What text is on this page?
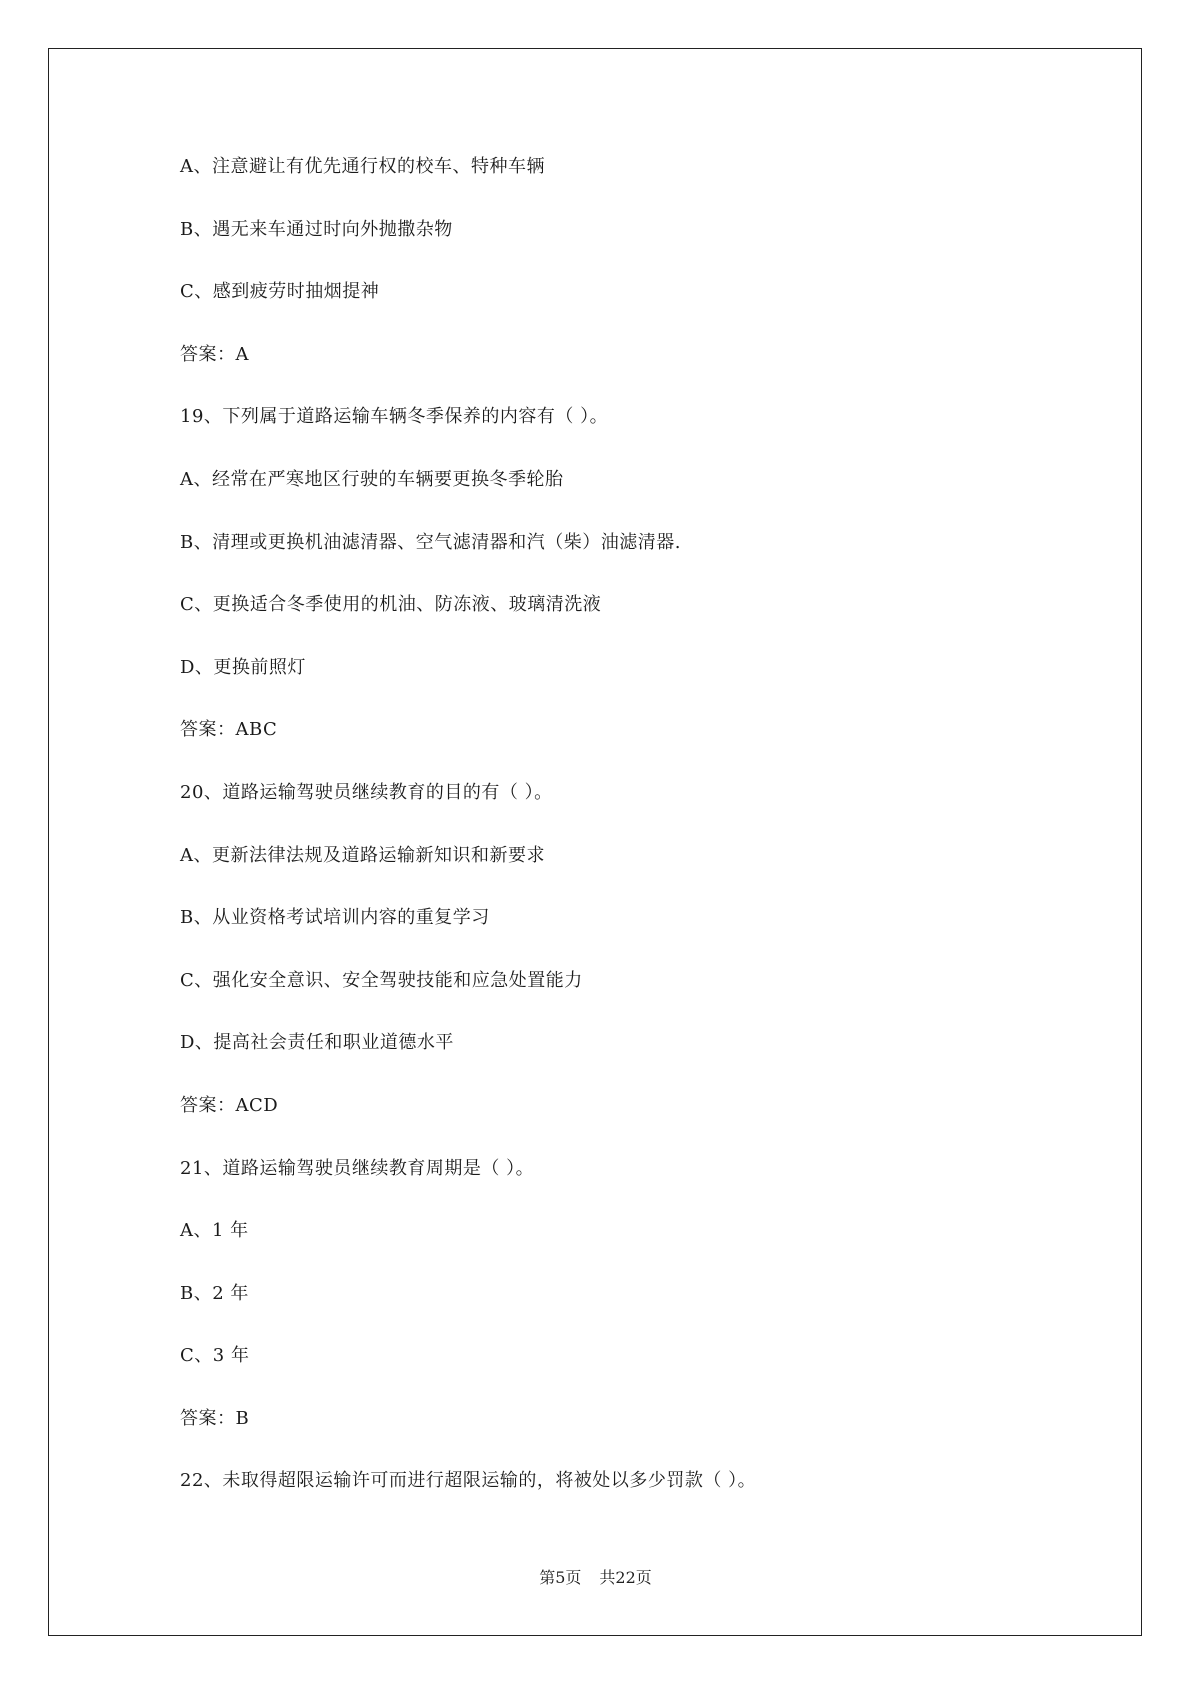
A、注意避让有优先通行权的校车、特种车辆
B、遇无来车通过时向外抛撒杂物
C、感到疲劳时抽烟提神
答案：A
19、下列属于道路运输车辆冬季保养的内容有（ ）。
A、经常在严寒地区行驶的车辆要更换冬季轮胎
B、清理或更换机油滤清器、空气滤清器和汽（柴）油滤清器.
C、更换适合冬季使用的机油、防冻液、玻璃清洗液
D、更换前照灯
答案：ABC
20、道路运输驾驶员继续教育的目的有（ ）。
A、更新法律法规及道路运输新知识和新要求
B、从业资格考试培训内容的重复学习
C、强化安全意识、安全驾驶技能和应急处置能力
D、提高社会责任和职业道德水平
答案：ACD
21、道路运输驾驶员继续教育周期是（ ）。
A、1 年
B、2 年
C、3 年
答案：B
22、未取得超限运输许可而进行超限运输的，将被处以多少罚款（ ）。
第5页 共22页
